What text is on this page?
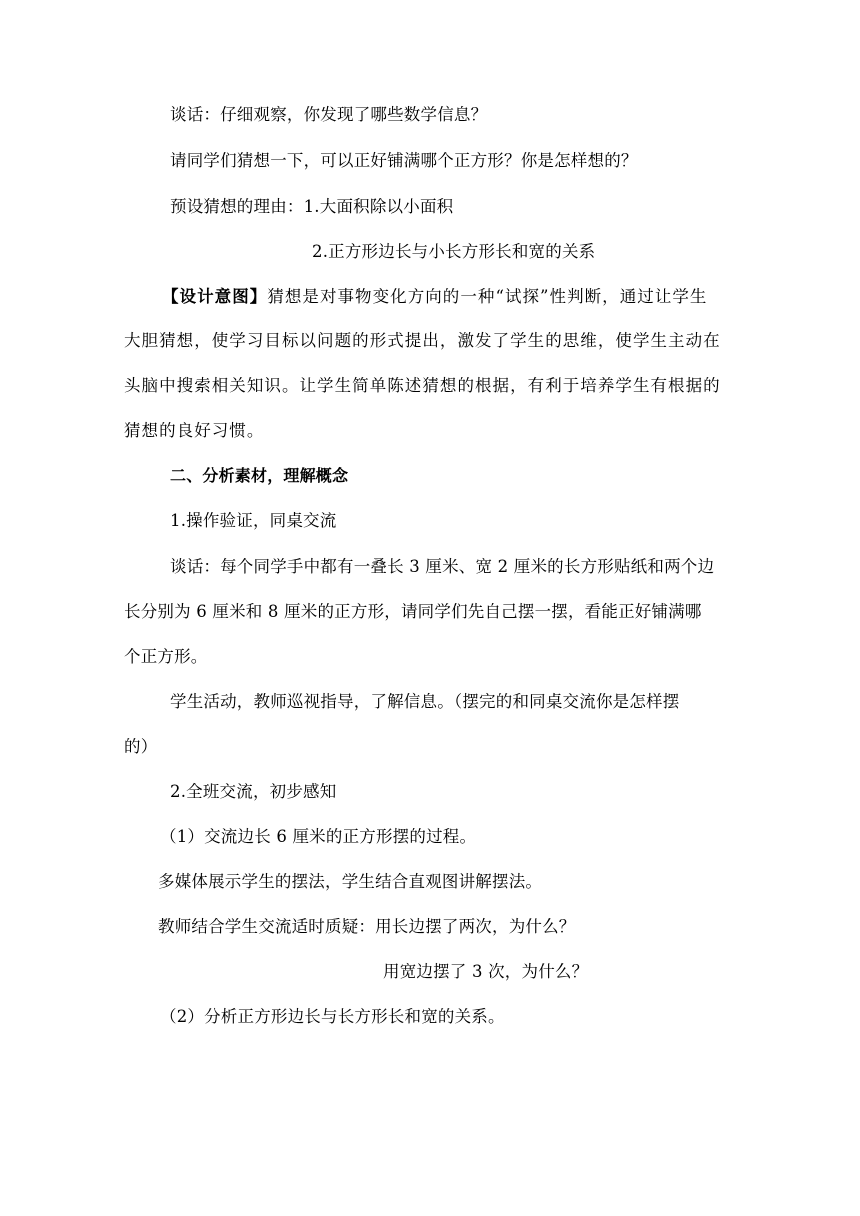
谈话：仔细观察，你发现了哪些数学信息？
请同学们猜想一下，可以正好铺满哪个正方形？你是怎样想的？
预设猜想的理由：1.大面积除以小面积
2.正方形边长与小长方形长和宽的关系
【设计意图】猜想是对事物变化方向的一种“试探”性判断，通过让学生
大胆猜想，使学习目标以问题的形式提出，激发了学生的思维，使学生主动在
头脑中搜索相关知识。让学生简单陈述猜想的根据，有利于培养学生有根据的
猜想的良好习惯。
二、分析素材，理解概念
1.操作验证，同桌交流
谈话：每个同学手中都有一叠长 3 厘米、宽 2 厘米的长方形贴纸和两个边
长分别为 6 厘米和 8 厘米的正方形，请同学们先自己摆一摆，看能正好铺满哪
个正方形。
学生活动，教师巡视指导，了解信息。（摆完的和同桌交流你是怎样摆
的）
2.全班交流，初步感知
（1）交流边长 6 厘米的正方形摆的过程。
多媒体展示学生的摆法，学生结合直观图讲解摆法。
教师结合学生交流适时质疑：用长边摆了两次，为什么？
用宽边摆了 3 次，为什么？
（2）分析正方形边长与长方形长和宽的关系。
